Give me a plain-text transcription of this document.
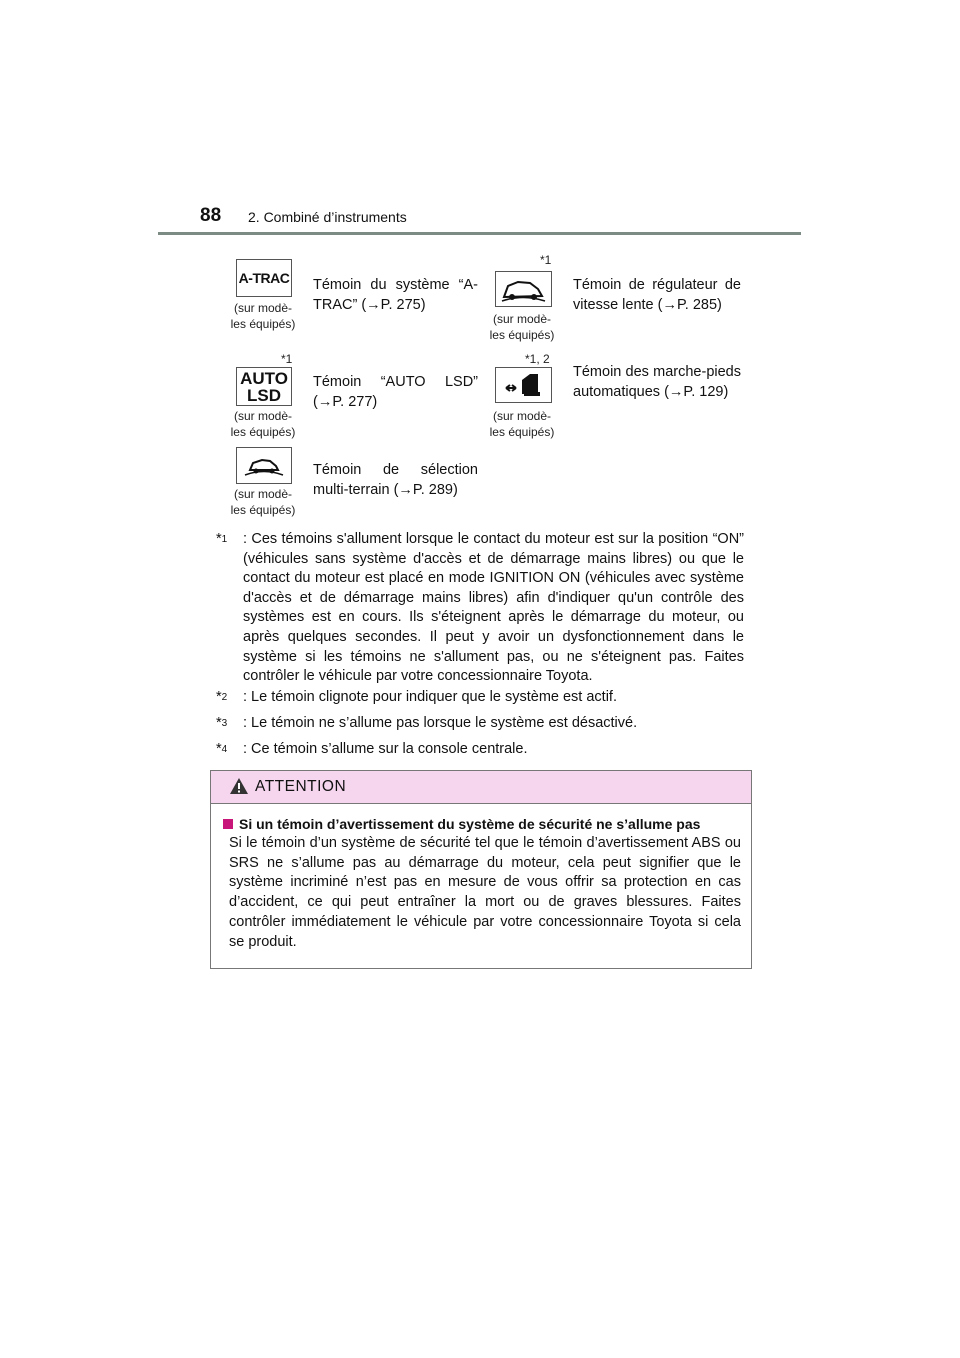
88 2. Combiné d’instruments
A-TRAC
(sur modè-
les équipés)
Témoin du système “A-TRAC” (→P. 275)
*1
(sur modè-
les équipés)
Témoin de régulateur de vitesse lente (→P. 285)
*1
AUTO
LSD
(sur modè-
les équipés)
Témoin “AUTO LSD” (→P. 277)
*1, 2
(sur modè-
les équipés)
Témoin des marche-pieds automatiques (→P. 129)
(sur modè-
les équipés)
Témoin de sélection multi-terrain (→P. 289)
*$^1$	: Ces témoins s'allument lorsque le contact du moteur est sur la position “ON” (véhicules sans système d'accès et de démarrage mains libres) ou que le contact du moteur est placé en mode IGNITION ON (véhicules avec système d'accès et de démarrage mains libres) afin d'indiquer qu'un contrôle des systèmes est en cours. Ils s'éteignent après le démarrage du moteur, ou après quelques secondes. Il peut y avoir un dysfonctionnement dans le système si les témoins ne s'allument pas, ou ne s'éteignent pas. Faites contrôler le véhicule par votre concessionnaire Toyota.
*$^2$	: Le témoin clignote pour indiquer que le système est actif.
*$^3$	: Le témoin ne s’allume pas lorsque le système est désactivé.
*$^4$	: Ce témoin s’allume sur la console centrale.
ATTENTION
Si un témoin d’avertissement du système de sécurité ne s’allume pas
Si le témoin d’un système de sécurité tel que le témoin d’avertissement ABS ou SRS ne s’allume pas au démarrage du moteur, cela peut signifier que le système incriminé n’est pas en mesure de vous offrir sa protection en cas d’accident, ce qui peut entraîner la mort ou de graves blessures. Faites contrôler immédiatement le véhicule par votre concessionnaire Toyota si cela se produit.
